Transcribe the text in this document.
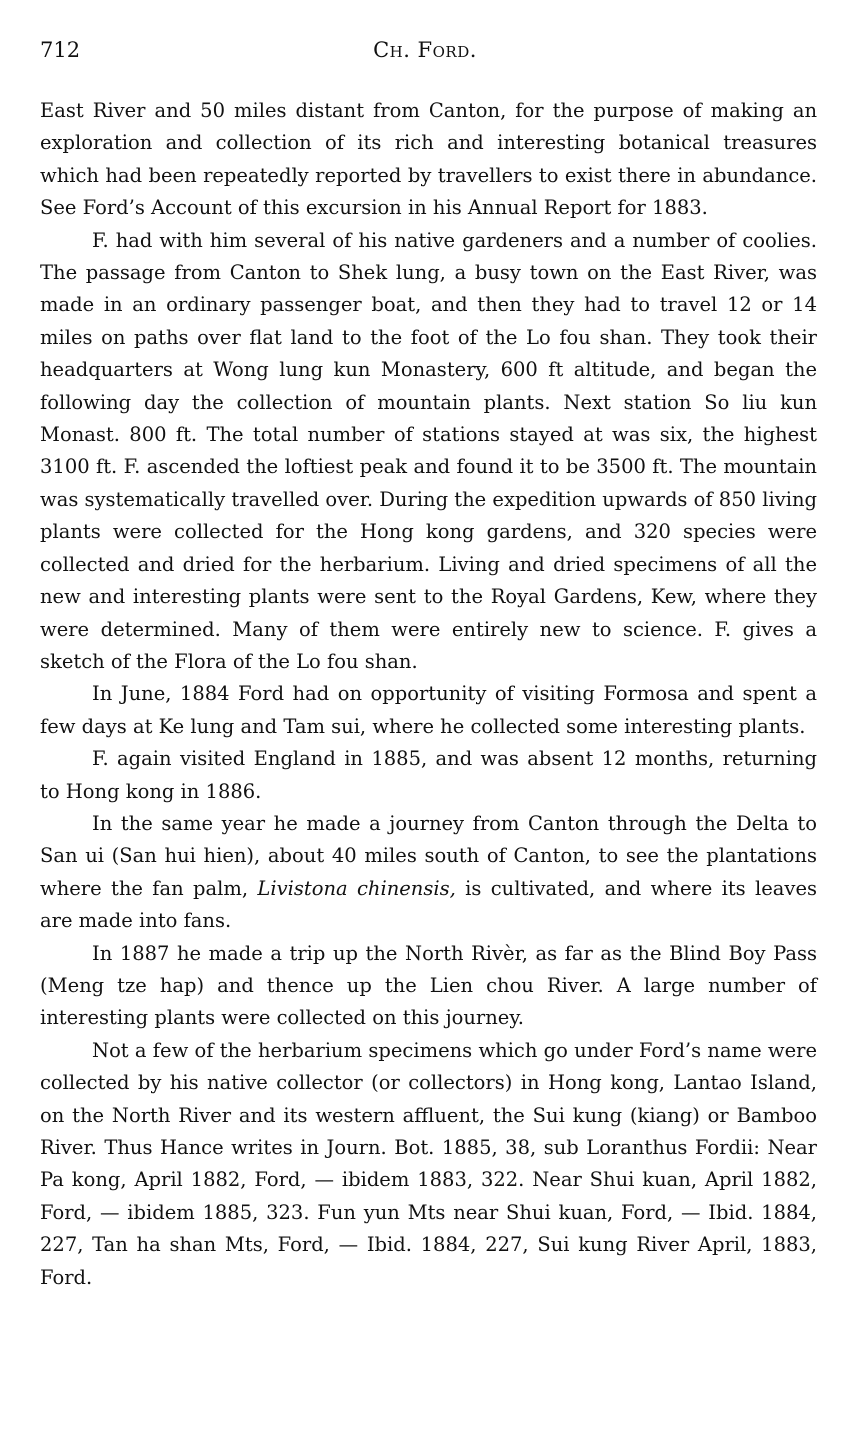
712	Ch. Ford.

East River and 50 miles distant from Canton, for the purpose of making an exploration and collection of its rich and interesting botanical treasures which had been repeatedly reported by travellers to exist there in abundance. See Ford’s Account of this excursion in his Annual Report for 1883.

F. had with him several of his native gardeners and a number of coolies. The passage from Canton to Shek lung, a busy town on the East River, was made in an ordinary passenger boat, and then they had to travel 12 or 14 miles on paths over flat land to the foot of the Lo fou shan. They took their headquarters at Wong lung kun Monastery, 600 ft altitude, and began the following day the collection of mountain plants. Next station So liu kun Monast. 800 ft. The total number of stations stayed at was six, the highest 3100 ft. F. ascended the loftiest peak and found it to be 3500 ft. The mountain was systematically travelled over. During the expedition upwards of 850 living plants were collected for the Hong kong gardens, and 320 species were collected and dried for the herbarium. Living and dried specimens of all the new and interesting plants were sent to the Royal Gardens, Kew, where they were determined. Many of them were entirely new to science. F. gives a sketch of the Flora of the Lo fou shan.

In June, 1884 Ford had on opportunity of visiting Formosa and spent a few days at Ke lung and Tam sui, where he collected some interesting plants.

F. again visited England in 1885, and was absent 12 months, returning to Hong kong in 1886.

In the same year he made a journey from Canton through the Delta to San ui (San hui hien), about 40 miles south of Canton, to see the plantations where the fan palm, Livistona chinensis, is cultivated, and where its leaves are made into fans.

In 1887 he made a trip up the North Rivèr, as far as the Blind Boy Pass (Meng tze hap) and thence up the Lien chou River. A large number of interesting plants were collected on this journey.

Not a few of the herbarium specimens which go under Ford’s name were collected by his native collector (or collectors) in Hong kong, Lantao Island, on the North River and its western affluent, the Sui kung (kiang) or Bamboo River. Thus Hance writes in Journ. Bot. 1885, 38, sub Loranthus Fordii: Near Pa kong, April 1882, Ford, — ibidem 1883, 322. Near Shui kuan, April 1882, Ford, — ibidem 1885, 323. Fun yun Mts near Shui kuan, Ford, — Ibid. 1884, 227, Tan ha shan Mts, Ford, — Ibid. 1884, 227, Sui kung River April, 1883, Ford.
